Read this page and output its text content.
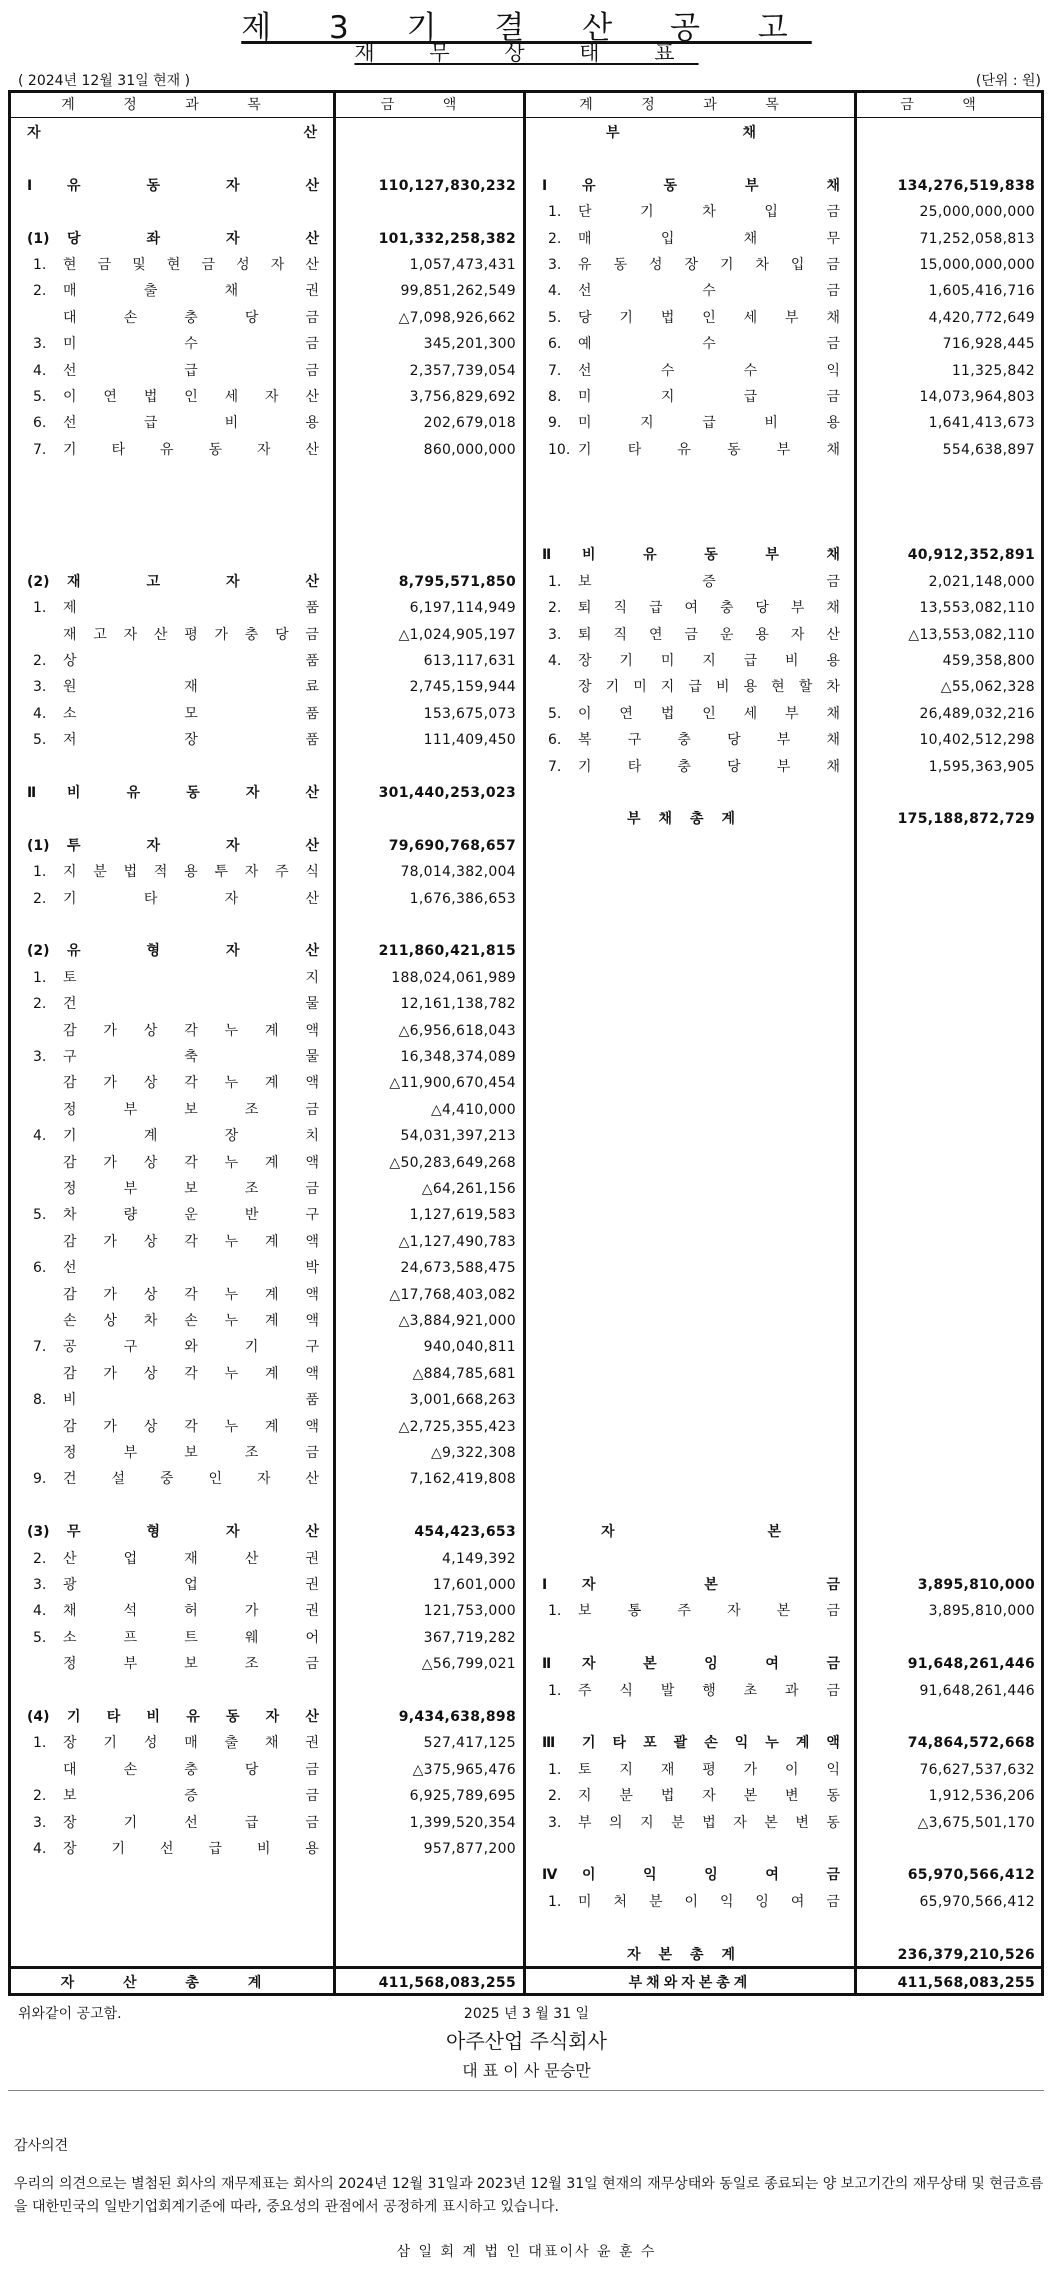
제 3 기 결 산 공 고
재 무 상 태 표
( 2024년 12월 31일 현재 )	(단위 : 원)
계 정 과 목	금 액	계 정 과 목	금 액
자	산
Ⅰ 유	동	자	산	110,127,830,232
(1) 당	좌	자	산	101,332,258,382
1. 현 금 및 현 금 성 자 산	1,057,473,431
2. 매	출	채	권	99,851,262,549
대	손	충	당	금	△7,098,926,662
3. 미	수	금	345,201,300
4. 선	급	금	2,357,739,054
5. 이 연 법 인 세 자 산	3,756,829,692
6. 선	급	비	용	202,679,018
7. 기 타 유 동 자 산	860,000,000
(2) 재	고	자	산	8,795,571,850
1. 제	품	6,197,114,949
재 고 자 산 평 가 충 당 금	△1,024,905,197
2. 상	품	613,117,631
3. 원	재	료	2,745,159,944
4. 소	모	품	153,675,073
5. 저	장	품	111,409,450
Ⅱ 비	유	동	자	산	301,440,253,023
(1) 투	자	자	산	79,690,768,657
1. 지 분 법 적 용 투 자 주 식	78,014,382,004
2. 기	타	자	산	1,676,386,653
(2) 유	형	자	산	211,860,421,815
1. 토	지	188,024,061,989
2. 건	물	12,161,138,782
감 가 상 각 누 계 액	△6,956,618,043
3. 구	축	물	16,348,374,089
감 가 상 각 누 계 액	△11,900,670,454
정	부	보	조	금	△4,410,000
4. 기	계	장	치	54,031,397,213
감 가 상 각 누 계 액	△50,283,649,268
정	부	보	조	금	△64,261,156
5. 차	량	운	반	구	1,127,619,583
감 가 상 각 누 계 액	△1,127,490,783
6. 선	박	24,673,588,475
감 가 상 각 누 계 액	△17,768,403,082
손 상 차 손 누 계 액	△3,884,921,000
7. 공	구	와	기	구	940,040,811
감 가 상 각 누 계 액	△884,785,681
8. 비	품	3,001,668,263
감 가 상 각 누 계 액	△2,725,355,423
정	부	보	조	금	△9,322,308
9. 건 설 중 인 자 산	7,162,419,808
(3) 무	형	자	산	454,423,653
2. 산	업	재	산	권	4,149,392
3. 광	업	권	17,601,000
4. 채	석	허	가	권	121,753,000
5. 소	프	트	웨	어	367,719,282
정	부	보	조	금	△56,799,021
(4) 기 타 비 유 동 자 산	9,434,638,898
1. 장 기 성 매 출 채 권	527,417,125
대	손	충	당	금	△375,965,476
2. 보	증	금	6,925,789,695
3. 장	기	선	급	금	1,399,520,354
4. 장 기 선 급 비 용	957,877,200
부	채
Ⅰ 유	동	부	채	134,276,519,838
1. 단	기	차	입	금	25,000,000,000
2. 매	입	채	무	71,252,058,813
3. 유 동 성 장 기 차 입 금	15,000,000,000
4. 선	수	금	1,605,416,716
5. 당 기 법 인 세 부 채	4,420,772,649
6. 예	수	금	716,928,445
7. 선	수	수	익	11,325,842
8. 미	지	급	금	14,073,964,803
9. 미	지	급	비	용	1,641,413,673
10. 기	타	유	동	부	채	554,638,897
Ⅱ 비	유	동	부	채	40,912,352,891
1. 보	증	금	2,021,148,000
2. 퇴 직 급 여 충 당 부 채	13,553,082,110
3. 퇴 직 연 금 운 용 자 산	△13,553,082,110
4. 장 기 미 지 급 비 용	459,358,800
장 기 미 지 급 비 용 현 할 차	△55,062,328
5. 이 연 법 인 세 부 채	26,489,032,216
6. 복	구	충	당	부	채	10,402,512,298
7. 기	타	충	당	부	채	1,595,363,905
부채총계	175,188,872,729
자	본
Ⅰ 자	본	금	3,895,810,000
1. 보	통	주	자	본	금	3,895,810,000
Ⅱ 자	본	잉	여	금	91,648,261,446
1. 주 식 발 행 초 과 금	91,648,261,446
Ⅲ 기 타 포 괄 손 익 누 계 액	74,864,572,668
1. 토 지 재 평 가 이 익	76,627,537,632
2. 지 분 법 자 본 변 동	1,912,536,206
3. 부 의 지 분 법 자 본 변 동	△3,675,501,170
Ⅳ 이	익	잉	여	금	65,970,566,412
1. 미 처 분 이 익 잉 여 금	65,970,566,412
자본총계	236,379,210,526
자 산 총 계	411,568,083,255	부채와자본총계	411,568,083,255
위와같이 공고함.	2025 년 3 월 31 일
아주산업 주식회사
대 표 이 사 문승만
감사의견
우리의 의견으로는 별첨된 회사의 재무제표는 회사의 2024년 12월 31일과 2023년 12월 31일 현재의 재무상태와 동일로 종료되는 양 보고기간의 재무상태 및 현금흐름을 대한민국의 일반기업회계기준에 따라, 중요성의 관점에서 공정하게 표시하고 있습니다.
삼 일 회 계 법 인 대표이사 윤 훈 수
